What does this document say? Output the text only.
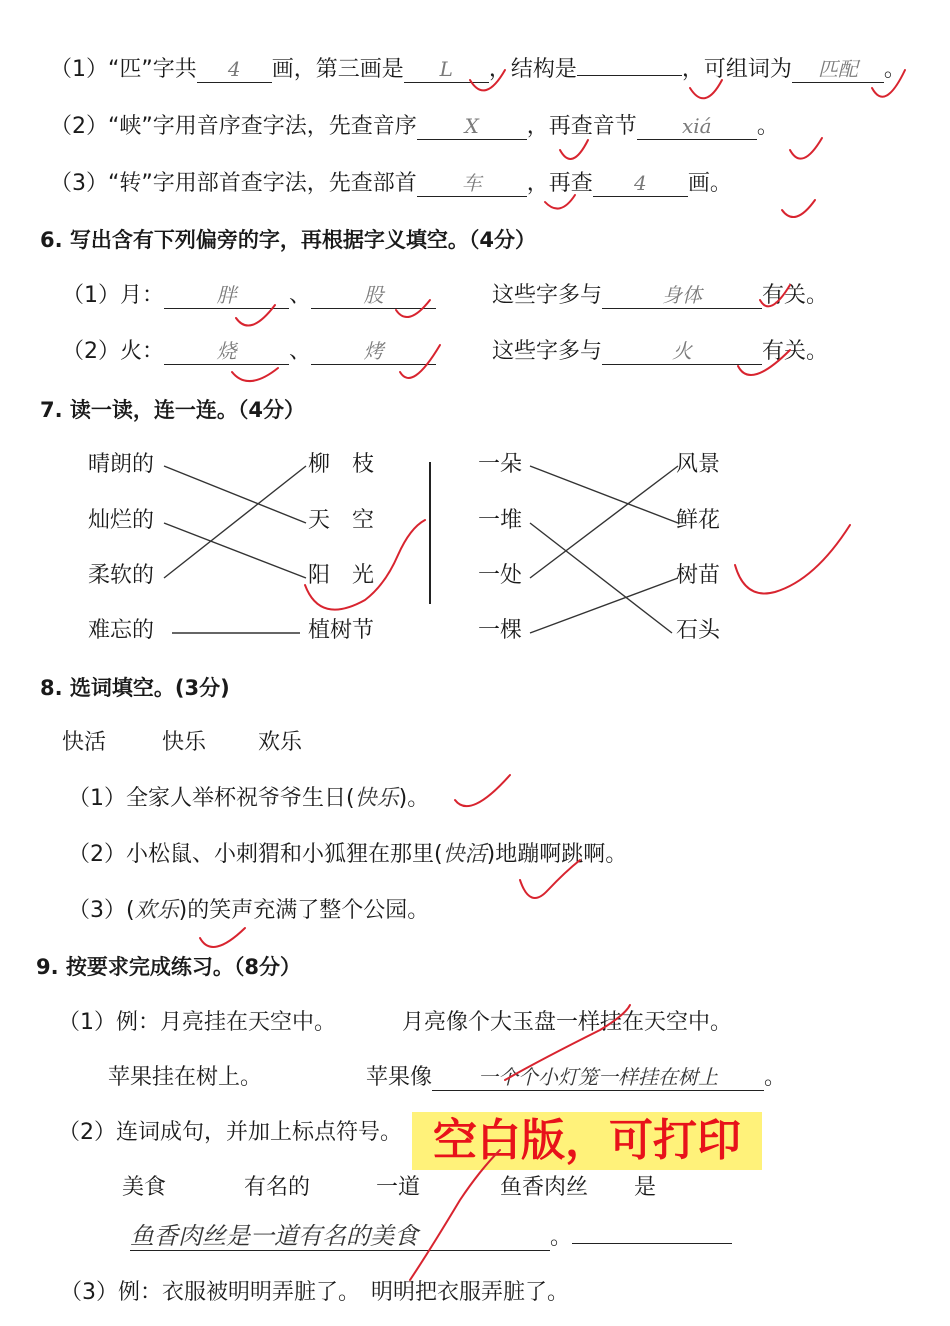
（1）“匹”字共 4 画，第三画是 L ，结构是	，可组词为 匹配 。
（2）“峡”字用音序查字法，先查音序 X ，再查音节 xiá 。
（3）“转”字用部首查字法，先查部首 车 ，再查 4 画。
6. 写出含有下列偏旁的字，再根据字义填空。（4分）
（1）月：	胖 、	股	这些字多与	身体	有关。
（2）火：	烧 、	烤	这些字多与	火	有关。
7. 读一读，连一连。（4分）
晴朗的
灿烂的
柔软的
难忘的
柳　枝
天　空
阳　光
植树节
一朵
一堆
一处
一棵
风景
鲜花
树苗
石头
8. 选词填空。(3分)
快活	快乐 欢乐
（1）全家人举杯祝爷爷生日(快乐)。
（2）小松鼠、小刺猬和小狐狸在那里(快活)地蹦啊跳啊。
（3）(欢乐)的笑声充满了整个公园。
9. 按要求完成练习。（8分）
（1）例：月亮挂在天空中。	月亮像个大玉盘一样挂在天空中。
苹果挂在树上。	苹果像 一个个小灯笼一样挂在树上 。
（2）连词成句，并加上标点符号。
美食	有名的	一道	鱼香肉丝 是
鱼香肉丝是一道有名的美食	。
（3）例：衣服被明明弄脏了。　明明把衣服弄脏了。
空白版，可打印
